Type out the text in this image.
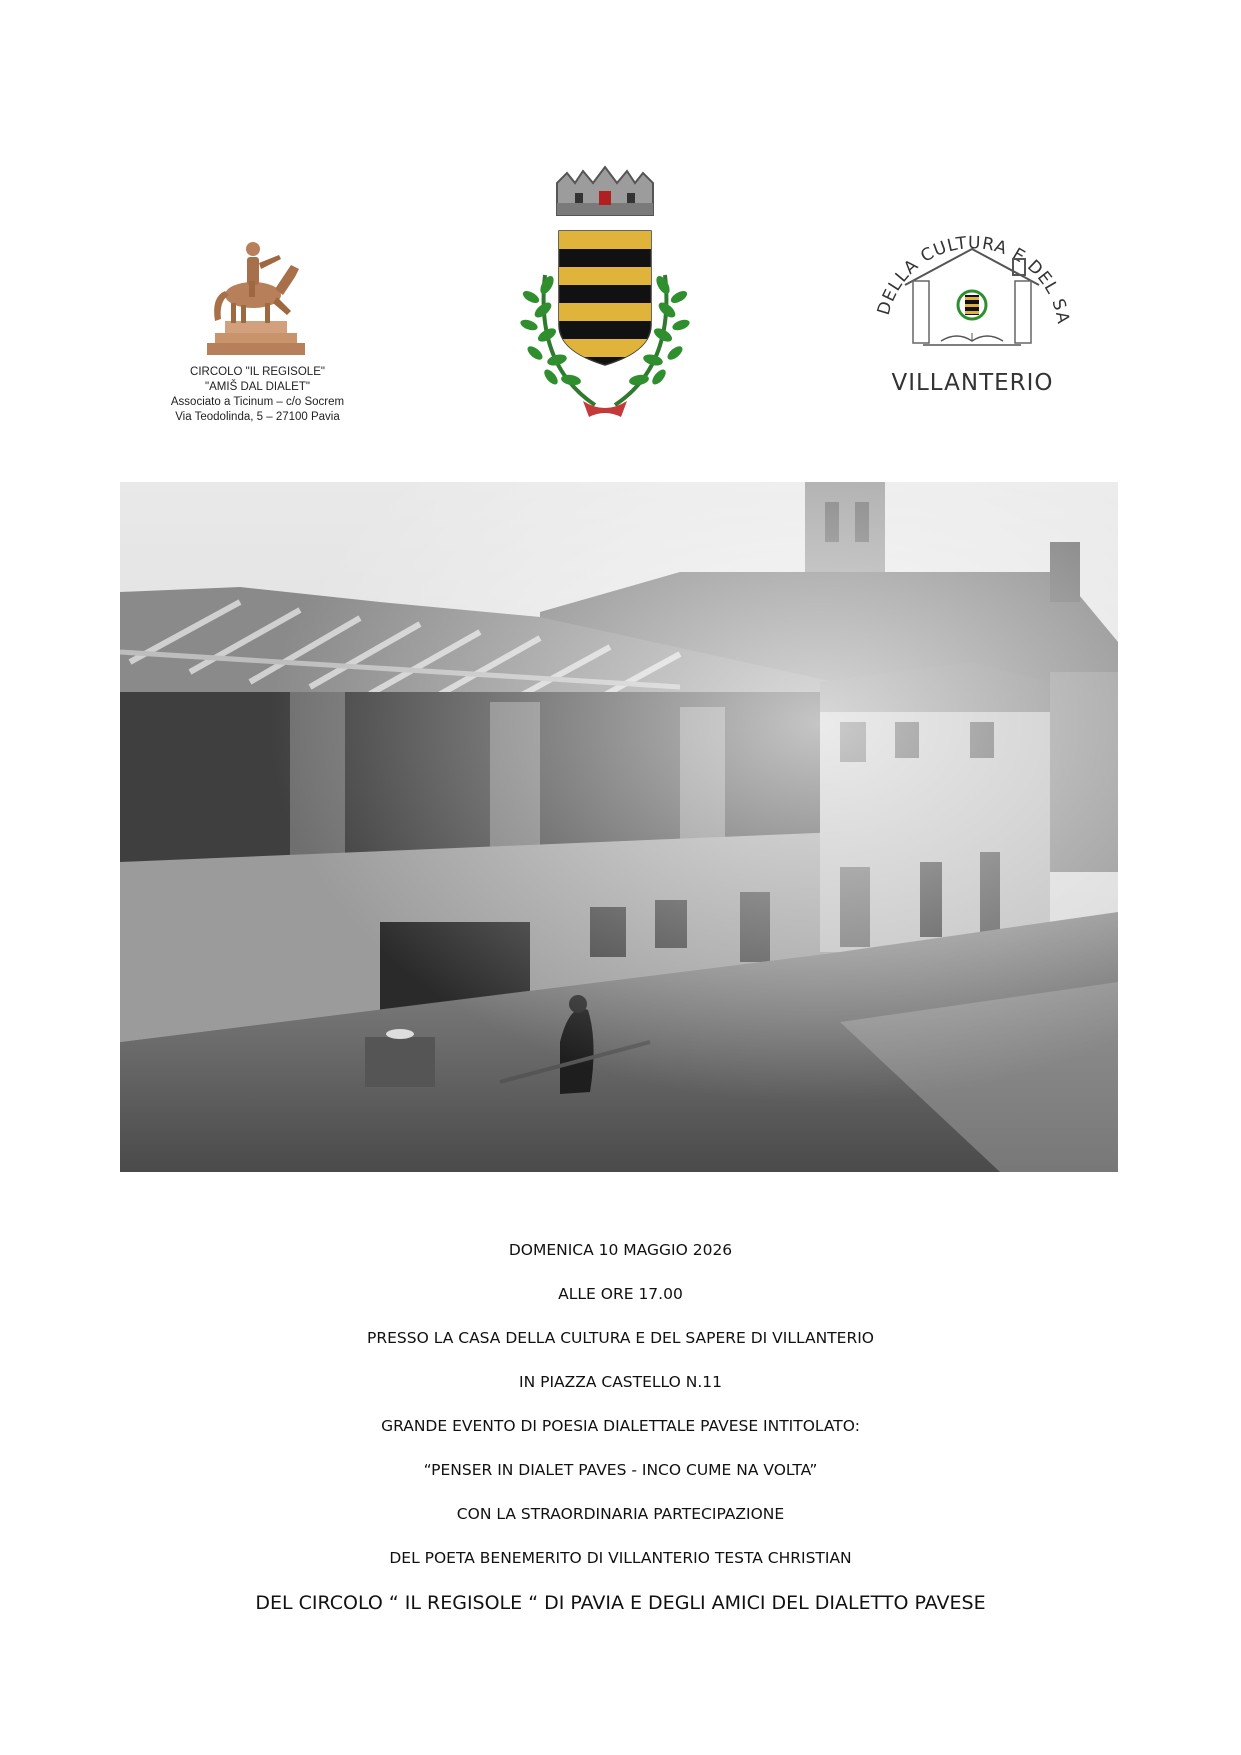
CIRCOLO "IL REGISOLE"
"AMIŠ DAL DIALET"
Associato a Ticinum – c/o Socrem
Via Teodolinda, 5 – 27100 Pavia
DELLA CULTURA E DEL SA
VILLANTERIO
DOMENICA 10 MAGGIO 2026
ALLE ORE 17.00
PRESSO LA CASA DELLA CULTURA E DEL SAPERE DI VILLANTERIO
IN PIAZZA CASTELLO N.11
GRANDE EVENTO DI POESIA DIALETTALE PAVESE INTITOLATO:
“PENSER IN DIALET PAVES - INCO CUME NA VOLTA”
CON LA STRAORDINARIA PARTECIPAZIONE
DEL POETA BENEMERITO DI VILLANTERIO TESTA CHRISTIAN
DEL CIRCOLO “ IL REGISOLE “ DI PAVIA E DEGLI AMICI DEL DIALETTO PAVESE
